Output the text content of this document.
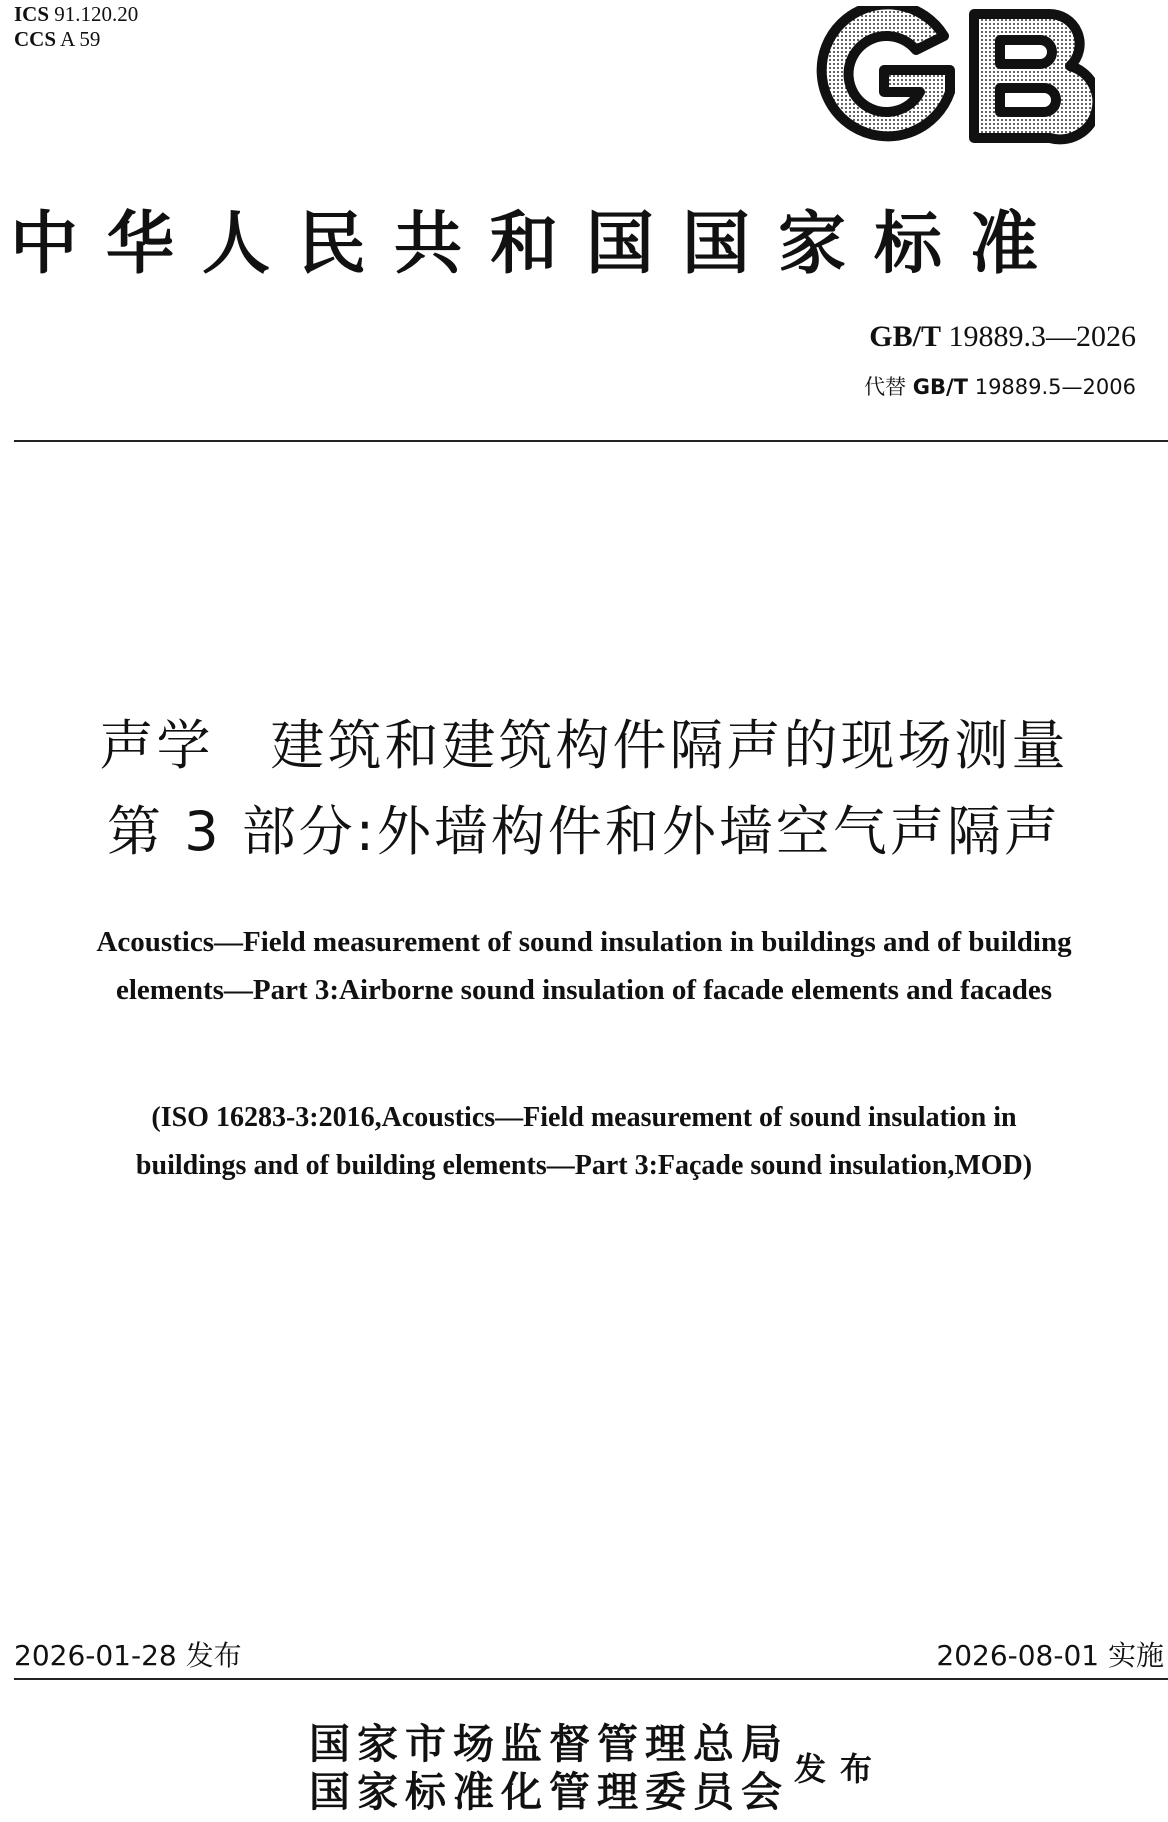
ICS 91.120.20
CCS A 59
中华人民共和国国家标准
GB/T 19889.3—2026
代替 GB/T 19889.5—2006
声学　建筑和建筑构件隔声的现场测量
第 3 部分:外墙构件和外墙空气声隔声
Acoustics—Field measurement of sound insulation in buildings and of building
elements—Part 3:Airborne sound insulation of facade elements and facades
(ISO 16283-3:2016,Acoustics—Field measurement of sound insulation in
buildings and of building elements—Part 3:Façade sound insulation,MOD)
2026-01-28 发布	2026-08-01 实施
国家市场监督管理总局
国家标准化管理委员会 发布
